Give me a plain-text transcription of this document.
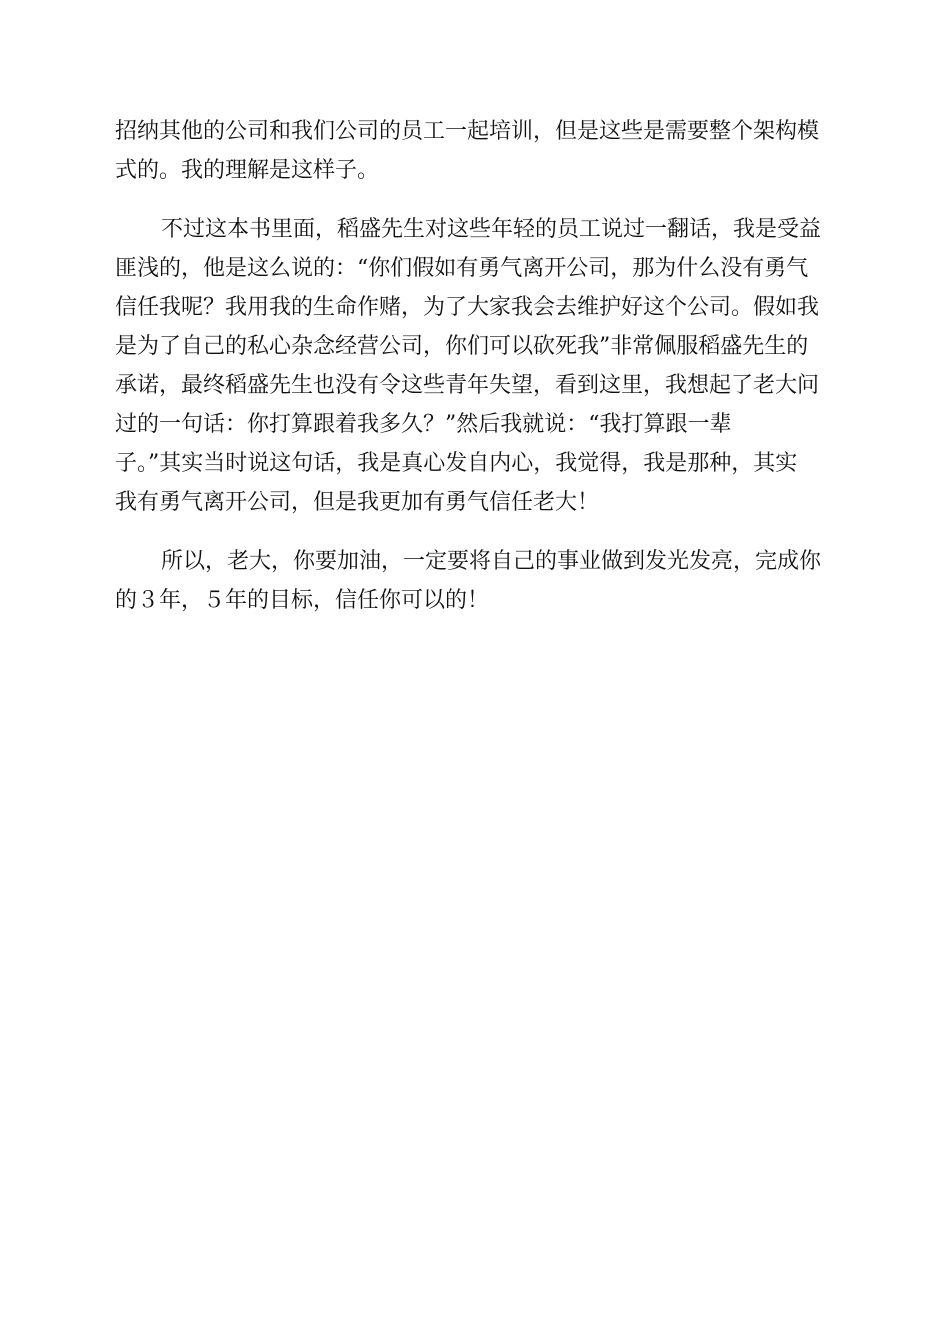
招纳其他的公司和我们公司的员工一起培训，但是这些是需要整个架构模
式的。我的理解是这样子。
不过这本书里面，稻盛先生对这些年轻的员工说过一翻话，我是受益
匪浅的，他是这么说的：“你们假如有勇气离开公司，那为什么没有勇气
信任我呢？我用我的生命作赌，为了大家我会去维护好这个公司。假如我
是为了自己的私心杂念经营公司，你们可以砍死我”非常佩服稻盛先生的
承诺，最终稻盛先生也没有令这些青年失望，看到这里，我想起了老大问
过的一句话：你打算跟着我多久？”然后我就说：“我打算跟一辈
子。”其实当时说这句话，我是真心发自内心，我觉得，我是那种，其实
我有勇气离开公司，但是我更加有勇气信任老大！
所以，老大，你要加油，一定要将自己的事业做到发光发亮，完成你
的３年，５年的目标，信任你可以的！
